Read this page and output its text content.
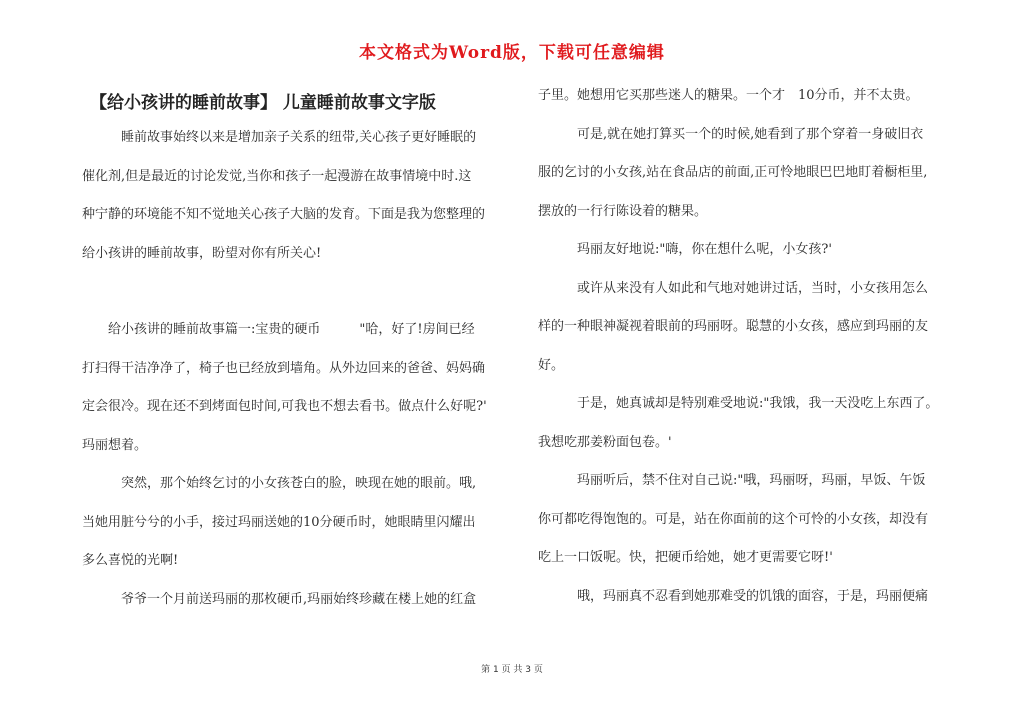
本文格式为Word版，下载可任意编辑
【给小孩讲的睡前故事】 儿童睡前故事文字版
　　　睡前故事始终以来是增加亲子关系的纽带,关心孩子更好睡眠的
催化剂,但是最近的讨论发觉,当你和孩子一起漫游在故事情境中时.这
种宁静的环境能不知不觉地关心孩子大脑的发育。下面是我为您整理的
给小孩讲的睡前故事，盼望对你有所关心!
　　给小孩讲的睡前故事篇一:宝贵的硬币　　　"哈，好了!房间已经
打扫得干洁净净了，椅子也已经放到墙角。从外边回来的爸爸、妈妈确
定会很冷。现在还不到烤面包时间,可我也不想去看书。做点什么好呢?'
玛丽想着。
　　　突然，那个始终乞讨的小女孩苍白的脸，映现在她的眼前。哦,
当她用脏兮兮的小手，接过玛丽送她的10分硬币时，她眼睛里闪耀出
多么喜悦的光啊!
　　　爷爷一个月前送玛丽的那枚硬币,玛丽始终珍藏在楼上她的红盒
子里。她想用它买那些迷人的糖果。一个才　10分币，并不太贵。
　　　可是,就在她打算买一个的时候,她看到了那个穿着一身破旧衣
服的乞讨的小女孩,站在食品店的前面,正可怜地眼巴巴地盯着橱柜里,
摆放的一行行陈设着的糖果。
　　　玛丽友好地说:"嗨，你在想什么呢，小女孩?'
　　　或许从来没有人如此和气地对她讲过话，当时，小女孩用怎么
样的一种眼神凝视着眼前的玛丽呀。聪慧的小女孩，感应到玛丽的友
好。
　　　于是，她真诚却是特别难受地说:"我饿，我一天没吃上东西了。
我想吃那姜粉面包卷。'
　　　玛丽听后，禁不住对自己说:"哦，玛丽呀，玛丽，早饭、午饭
你可都吃得饱饱的。可是，站在你面前的这个可怜的小女孩，却没有
吃上一口饭呢。快，把硬币给她，她才更需要它呀!'
　　　哦，玛丽真不忍看到她那难受的饥饿的面容，于是，玛丽便痛
第 1 页 共 3 页
